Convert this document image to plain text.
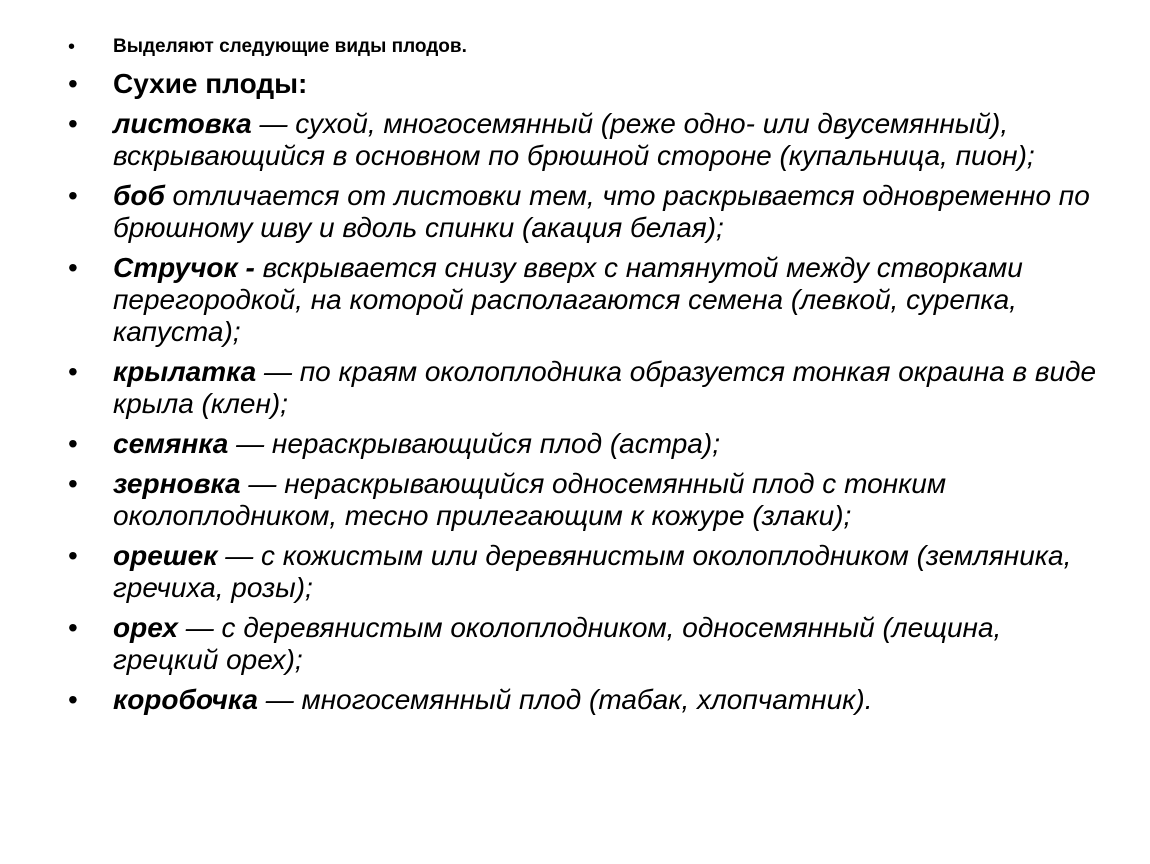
• Выделяют следующие виды плодов.
• Сухие плоды:
• листовка — сухой, многосемянный (реже одно- или двусемянный), вскрывающийся в основном по брюшной стороне (купальница, пион);
• боб отличается от листовки тем, что раскрывается одновременно по брюшному шву и вдоль спинки (акация белая);
• Стручок - вскрывается снизу вверх с натянутой между створками перегородкой, на которой располагаются семена (левкой, сурепка, капуста);
• крылатка — по краям околоплодника образуется тонкая окраина в виде крыла (клен);
• семянка — нераскрывающийся плод (астра);
• зерновка — нераскрывающийся односемянный плод с тонким околоплодником, тесно прилегающим к кожуре (злаки);
• орешек — с кожистым или деревянистым околоплодником (земляника, гречиха, розы);
• орех — с деревянистым околоплодником, односемянный (лещина, грецкий орех);
• коробочка — многосемянный плод (табак, хлопчатник).
